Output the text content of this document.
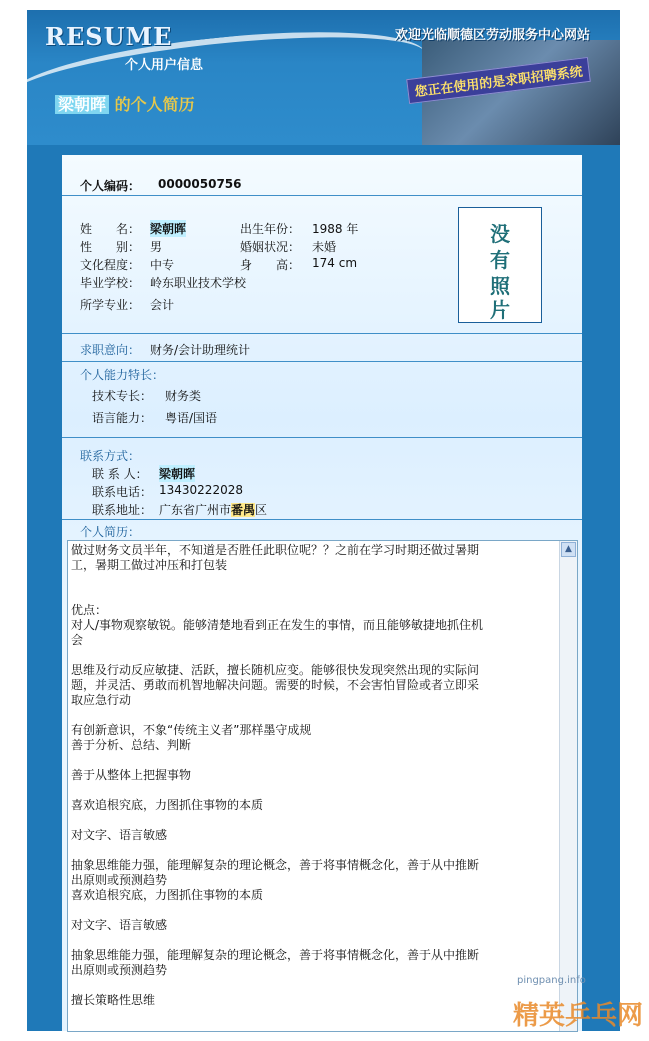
RESUME
个人用户信息
欢迎光临顺德区劳动服务中心网站
您正在使用的是求职招聘系统
梁朝晖 的个人简历
个人编码： 0000050756
姓　　名： 梁朝晖	出生年份： 1988 年
性　　别： 男	婚姻状况： 未婚
文化程度： 中专	身　　高： 174 cm
毕业学校： 岭东职业技术学校
所学专业： 会计
没
有
照
片
求职意向： 财务/会计助理统计
个人能力特长：
技术专长： 财务类
语言能力： 粤语/国语
联系方式：
联 系 人： 梁朝晖
联系电话： 13430222028
联系地址： 广东省广州市番禺区
个人简历：
做过财务文员半年，不知道是否胜任此职位呢？？之前在学习时期还做过暑期
工，暑期工做过冲压和打包装

优点：
对人/事物观察敏锐。能够清楚地看到正在发生的事情，而且能够敏捷地抓住机
会

思维及行动反应敏捷、活跃，擅长随机应变。能够很快发现突然出现的实际问
题，并灵活、勇敢而机智地解决问题。需要的时候，不会害怕冒险或者立即采
取应急行动

有创新意识，不象“传统主义者”那样墨守成规
善于分析、总结、判断

善于从整体上把握事物

喜欢追根究底，力图抓住事物的本质

对文字、语言敏感

抽象思维能力强，能理解复杂的理论概念，善于将事情概念化，善于从中推断
出原则或预测趋势
喜欢追根究底，力图抓住事物的本质

对文字、语言敏感

抽象思维能力强，能理解复杂的理论概念，善于将事情概念化，善于从中推断
出原则或预测趋势

擅长策略性思维
▲
pingpang.info
精英乒乓网
